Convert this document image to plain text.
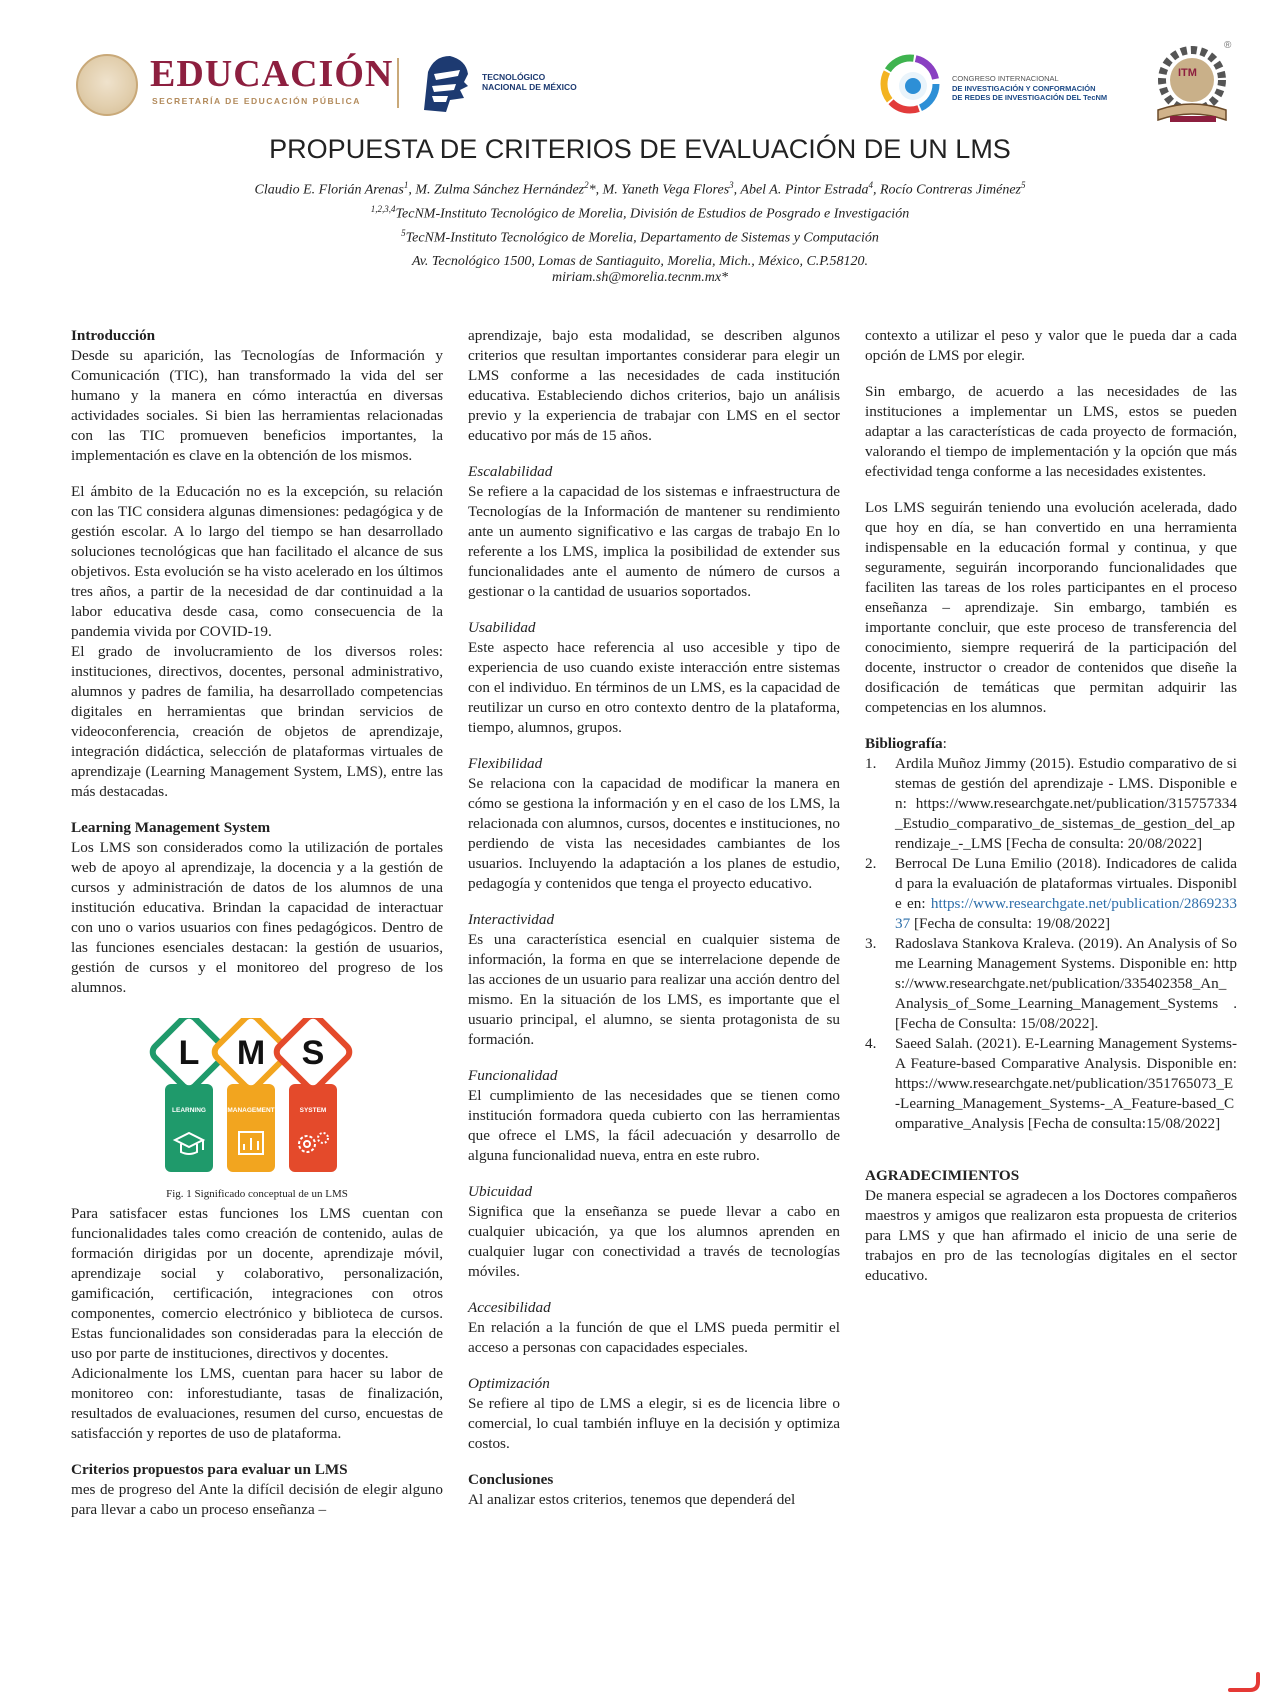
EDUCACIÓN
SECRETARÍA DE EDUCACIÓN PÚBLICA
TECNOLÓGICO
NACIONAL DE MÉXICO
CONGRESO INTERNACIONAL
DE INVESTIGACIÓN Y CONFORMACIÓN
DE REDES DE INVESTIGACIÓN DEL TecNM
ITM
®
PROPUESTA DE CRITERIOS DE EVALUACIÓN DE UN LMS
Claudio E. Florián Arenas$^1$, M. Zulma Sánchez Hernández$^2$*, M. Yaneth Vega Flores$^3$, Abel A. Pintor Estrada$^4$, Rocío Contreras Jiménez$^5$
$^{1,2,3,4}$TecNM-Instituto Tecnológico de Morelia, División de Estudios de Posgrado e Investigación
$^5$TecNM-Instituto Tecnológico de Morelia, Departamento de Sistemas y Computación
Av. Tecnológico 1500, Lomas de Santiaguito, Morelia, Mich., México, C.P.58120.
miriam.sh@morelia.tecnm.mx*

Introducción

Desde su aparición, las Tecnologías de Información y Comunicación (TIC), han transformado la vida del ser humano y la manera en cómo interactúa en diversas actividades sociales. Si bien las herramientas relacionadas con las TIC promueven beneficios importantes, la implementación es clave en la obtención de los mismos.

El ámbito de la Educación no es la excepción, su relación con las TIC considera algunas dimensiones: pedagógica y de gestión escolar. A lo largo del tiempo se han desarrollado soluciones tecnológicas que han facilitado el alcance de sus objetivos. Esta evolución se ha visto acelerado en los últimos tres años, a partir de la necesidad de dar continuidad a la labor educativa desde casa, como consecuencia de la pandemia vivida por COVID-19.

El grado de involucramiento de los diversos roles: instituciones, directivos, docentes, personal administrativo, alumnos y padres de familia, ha desarrollado competencias digitales en herramientas que brindan servicios de videoconferencia, creación de objetos de aprendizaje, integración didáctica, selección de plataformas virtuales de aprendizaje (Learning Management System, LMS), entre las más destacadas.

Learning Management System

Los LMS son considerados como la utilización de portales web de apoyo al aprendizaje, la docencia y a la gestión de cursos y administración de datos de los alumnos de una institución educativa. Brindan la capacidad de interactuar con uno o varios usuarios con fines pedagógicos. Dentro de las funciones esenciales destacan: la gestión de usuarios, gestión de cursos y el monitoreo del progreso de los alumnos.

L M S
LEARNING	MANAGEMENT	SYSTEM

Fig. 1 Significado conceptual de un LMS

Para satisfacer estas funciones los LMS cuentan con funcionalidades tales como creación de contenido, aulas de formación dirigidas por un docente, aprendizaje móvil, aprendizaje social y colaborativo, personalización, gamificación, certificación, integraciones con otros componentes, comercio electrónico y biblioteca de cursos. Estas funcionalidades son consideradas para la elección de uso por parte de instituciones, directivos y docentes.

Adicionalmente los LMS, cuentan para hacer su labor de monitoreo con: inforestudiante, tasas de finalización, resultados de evaluaciones, resumen del curso, encuestas de satisfacción y reportes de uso de plataforma.

Criterios propuestos para evaluar un LMS

mes de progreso del Ante la difícil decisión de elegir alguno para llevar a cabo un proceso enseñanza –

aprendizaje, bajo esta modalidad, se describen algunos criterios que resultan importantes considerar para elegir un LMS conforme a las necesidades de cada institución educativa. Estableciendo dichos criterios, bajo un análisis previo y la experiencia de trabajar con LMS en el sector educativo por más de 15 años.

Escalabilidad

Se refiere a la capacidad de los sistemas e infraestructura de Tecnologías de la Información de mantener su rendimiento ante un aumento significativo e las cargas de trabajo En lo referente a los LMS, implica la posibilidad de extender sus funcionalidades ante el aumento de número de cursos a gestionar o la cantidad de usuarios soportados.

Usabilidad

Este aspecto hace referencia al uso accesible y tipo de experiencia de uso cuando existe interacción entre sistemas con el individuo. En términos de un LMS, es la capacidad de reutilizar un curso en otro contexto dentro de la plataforma, tiempo, alumnos, grupos.

Flexibilidad

Se relaciona con la capacidad de modificar la manera en cómo se gestiona la información y en el caso de los LMS, la relacionada con alumnos, cursos, docentes e instituciones, no perdiendo de vista las necesidades cambiantes de los usuarios. Incluyendo la adaptación a los planes de estudio, pedagogía y contenidos que tenga el proyecto educativo.

Interactividad

Es una característica esencial en cualquier sistema de información, la forma en que se interrelacione depende de las acciones de un usuario para realizar una acción dentro del mismo. En la situación de los LMS, es importante que el usuario principal, el alumno, se sienta protagonista de su formación.

Funcionalidad

El cumplimiento de las necesidades que se tienen como institución formadora queda cubierto con las herramientas que ofrece el LMS, la fácil adecuación y desarrollo de alguna funcionalidad nueva, entra en este rubro.

Ubicuidad

Significa que la enseñanza se puede llevar a cabo en cualquier ubicación, ya que los alumnos aprenden en cualquier lugar con conectividad a través de tecnologías móviles.

Accesibilidad

En relación a la función de que el LMS pueda permitir el acceso a personas con capacidades especiales.

Optimización

Se refiere al tipo de LMS a elegir, si es de licencia libre o comercial, lo cual también influye en la decisión y optimiza costos.

Conclusiones

Al analizar estos criterios, tenemos que dependerá del

contexto a utilizar el peso y valor que le pueda dar a cada opción de LMS por elegir.

Sin embargo, de acuerdo a las necesidades de las instituciones a implementar un LMS, estos se pueden adaptar a las características de cada proyecto de formación, valorando el tiempo de implementación y la opción que más efectividad tenga conforme a las necesidades existentes.

Los LMS seguirán teniendo una evolución acelerada, dado que hoy en día, se han convertido en una herramienta indispensable en la educación formal y continua, y que seguramente, seguirán incorporando funcionalidades que faciliten las tareas de los roles participantes en el proceso enseñanza – aprendizaje. Sin embargo, también es importante concluir, que este proceso de transferencia del conocimiento, siempre requerirá de la participación del docente, instructor o creador de contenidos que diseñe la dosificación de temáticas que permitan adquirir las competencias en los alumnos.

Bibliografía:

1. Ardila Muñoz Jimmy (2015). Estudio comparativo de sistemas de gestión del aprendizaje - LMS. Disponible en: https://www.researchgate.net/publication/315757334_Estudio_comparativo_de_sistemas_de_gestion_del_aprendizaje_-_LMS [Fecha de consulta: 20/08/2022]
2. Berrocal De Luna Emilio (2018). Indicadores de calidad para la evaluación de plataformas virtuales. Disponible en: https://www.researchgate.net/publication/286923337 [Fecha de consulta: 19/08/2022]
3. Radoslava Stankova Kraleva. (2019). An Analysis of Some Learning Management Systems. Disponible en: https://www.researchgate.net/publication/335402358_An_Analysis_of_Some_Learning_Management_Systems . [Fecha de Consulta: 15/08/2022].
4. Saeed Salah. (2021). E-Learning Management Systems- A Feature-based Comparative Analysis. Disponible en: https://www.researchgate.net/publication/351765073_E-Learning_Management_Systems-_A_Feature-based_Comparative_Analysis [Fecha de consulta:15/08/2022]

AGRADECIMIENTOS

De manera especial se agradecen a los Doctores compañeros maestros y amigos que realizaron esta propuesta de criterios para LMS y que han afirmado el inicio de una serie de trabajos en pro de las tecnologías digitales en el sector educativo.
